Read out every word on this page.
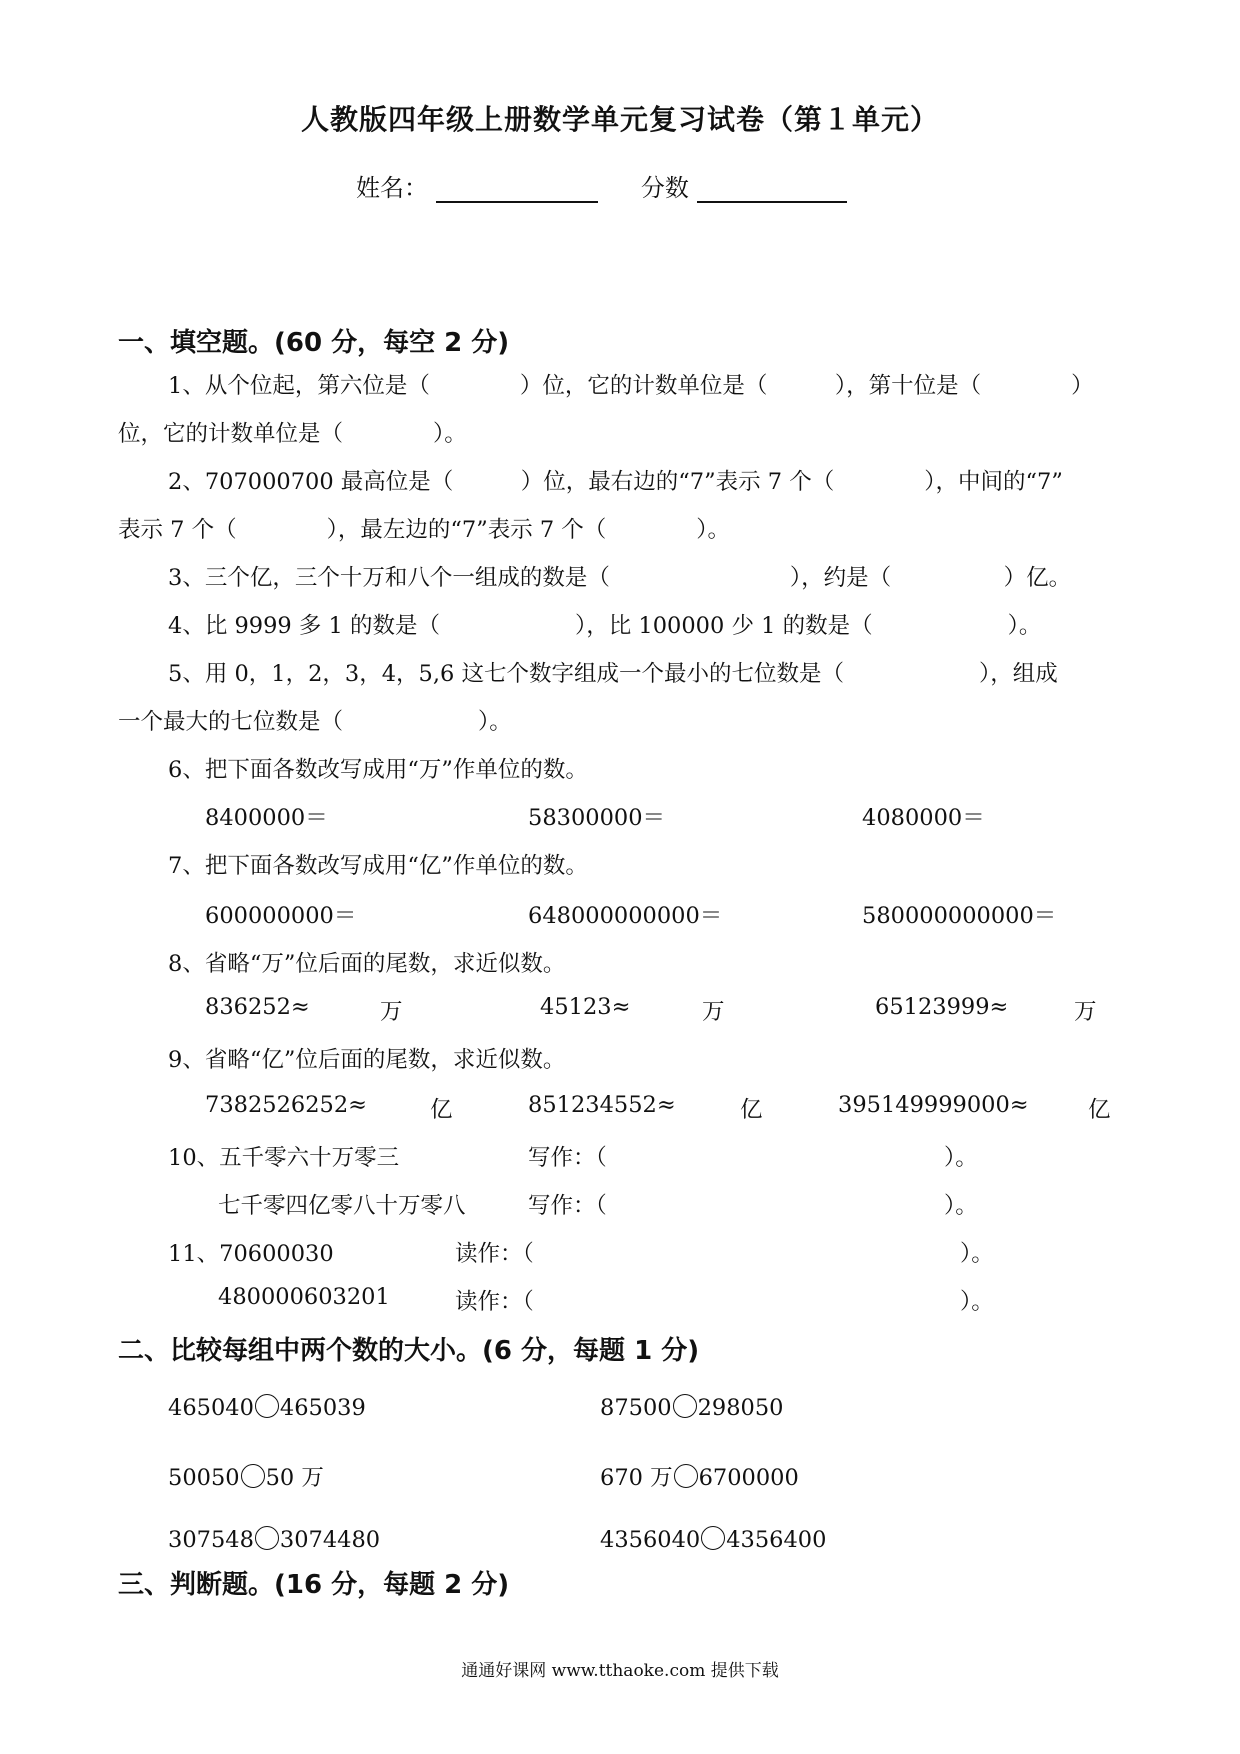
人教版四年级上册数学单元复习试卷（第１单元）
姓名：	分数
一、填空题。(60 分，每空 2 分)
1、从个位起，第六位是（　　　　）位，它的计数单位是（　　　），第十位是（　　　　）
位，它的计数单位是（　　　　）。
2、707000700 最高位是（　　　）位，最右边的“7”表示 7 个（　　　　），中间的“7”
表示 7 个（　　　　），最左边的“7”表示 7 个（　　　　）。
3、三个亿，三个十万和八个一组成的数是（　　　　　　　　），约是（　　　　　）亿。
4、比 9999 多 1 的数是（　　　　　　），比 100000 少 1 的数是（　　　　　　）。
5、用 0，1，2，3，4，5,6 这七个数字组成一个最小的七位数是（　　　　　　），组成
一个最大的七位数是（　　　　　　）。
6、把下面各数改写成用“万”作单位的数。
8400000＝	58300000＝	4080000＝
7、把下面各数改写成用“亿”作单位的数。
600000000＝	648000000000＝	580000000000＝
8、省略“万”位后面的尾数，求近似数。
836252≈	万	45123≈	万	65123999≈	万
9、省略“亿”位后面的尾数，求近似数。
7382526252≈	亿	851234552≈	亿	395149999000≈	亿
10、五千零六十万零三	写作：（	）。
七千零四亿零八十万零八	写作：（	）。
11、70600030	读作：（	）。
480000603201	读作：（	）。
二、比较每组中两个数的大小。(6 分，每题 1 分)
465040 465039	87500 298050
50050 50 万	670 万 6700000
307548 3074480	4356040 4356400
三、判断题。(16 分，每题 2 分)
通通好课网 www.tthaoke.com 提供下载
